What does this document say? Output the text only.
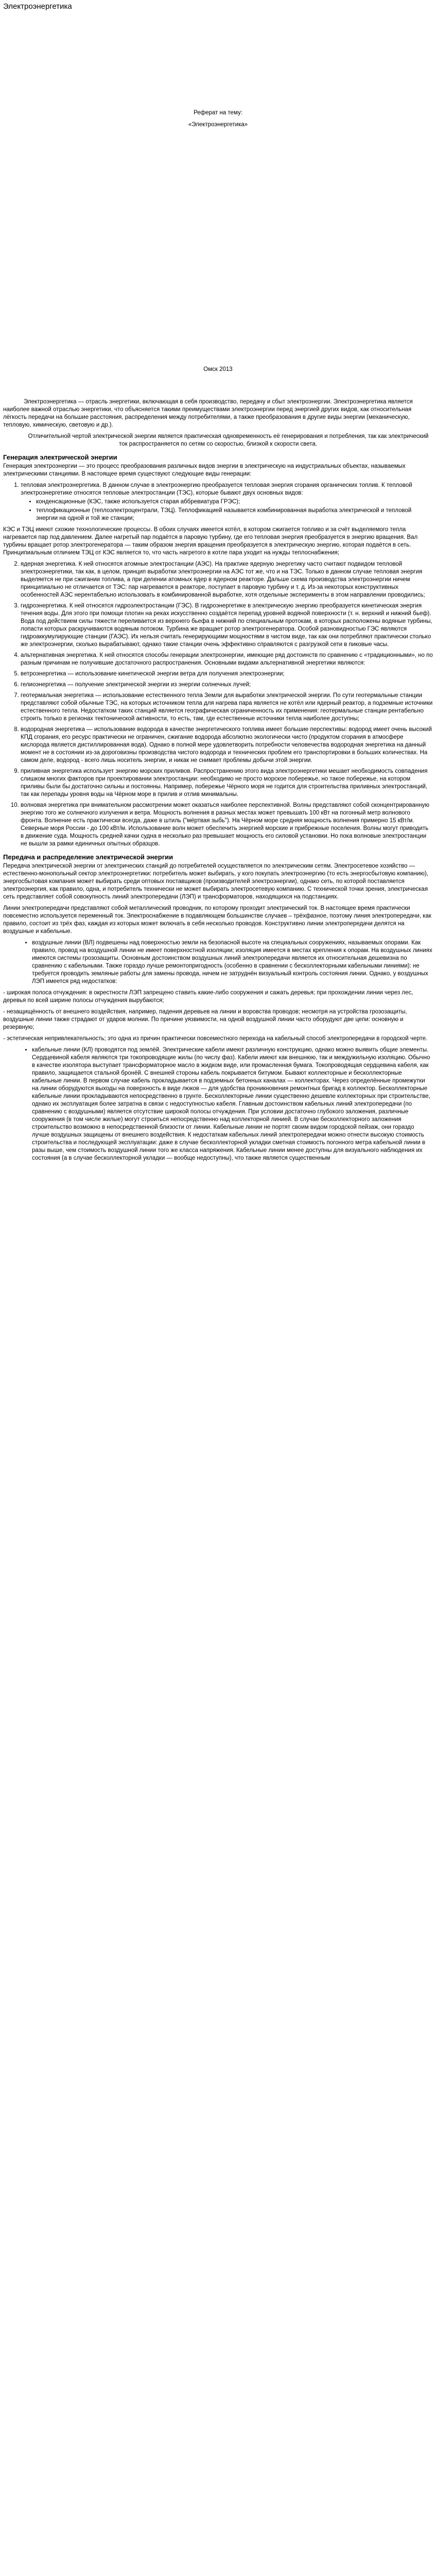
Электроэнергетика

Реферат на тему:

«Электроэнергетика»

Омск 2013

Электроэнергетика — отрасль энергетики, включающая в себя производство, передачу и сбыт электроэнергии. Электроэнергетика является наиболее важной отраслью энергетики, что объясняется такими преимуществами электроэнергии перед энергией других видов, как относительная лёгкость передачи на большие расстояния, распределения между потребителями, а также преобразования в другие виды энергии (механическую, тепловую, химическую, световую и др.).

Отличительной чертой электрической энергии является практическая одновременность её генерирования и потребления, так как электрический ток распространяется по сетям со скоростью, близкой к скорости света.

Генерация электрической энергии

Генерация электроэнергии — это процесс преобразования различных видов энергии в электрическую на индустриальных объектах, называемых электрическими станциями. В настоящее время существуют следующие виды генерации:

1. тепловая электроэнергетика. В данном случае в электроэнергию преобразуется тепловая энергия сгорания органических топлив. К тепловой электроэнергетике относятся тепловые электростанции (ТЭС), которые бывают двух основных видов:
• конденсационные (КЭС, также используется старая аббревиатура ГРЭС);
• теплофикационные (теплоэлектроцентрали, ТЭЦ). Теплофикацией называется комбинированная выработка электрической и тепловой энергии на одной и той же станции;

КЭС и ТЭЦ имеют схожие технологические процессы. В обоих случаях имеется котёл, в котором сжигается топливо и за счёт выделяемого тепла нагревается пар под давлением. Далее нагретый пар подаётся в паровую турбину, где его тепловая энергия преобразуется в энергию вращения. Вал турбины вращает ротор электрогенератора — таким образом энергия вращения преобразуется в электрическую энергию, которая подаётся в сеть. Принципиальным отличием ТЭЦ от КЭС является то, что часть нагретого в котле пара уходит на нужды теплоснабжения;

2. ядерная энергетика. К ней относятся атомные электростанции (АЭС). На практике ядерную энергетику часто считают подвидом тепловой электроэнергетики, так как, в целом, принцип выработки электроэнергии на АЭС тот же, что и на ТЭС. Только в данном случае тепловая энергия выделяется не при сжигании топлива, а при делении атомных ядер в ядерном реакторе. Дальше схема производства электроэнергии ничем принципиально не отличается от ТЭС: пар нагревается в реакторе, поступает в паровую турбину и т. д. Из-за некоторых конструктивных особенностей АЭС нерентабельно использовать в комбинированной выработке, хотя отдельные эксперименты в этом направлении проводились;
3. гидроэнергетика. К ней относятся гидроэлектростанции (ГЭС). В гидроэнергетике в электрическую энергию преобразуется кинетическая энергия течения воды. Для этого при помощи плотин на реках искусственно создаётся перепад уровней водяной поверхности (т. н. верхний и нижний бьеф). Вода под действием силы тяжести переливается из верхнего бьефа в нижний по специальным протокам, в которых расположены водяные турбины, лопасти которых раскручиваются водяным потоком. Турбина же вращает ротор электрогенератора. Особой разновидностью ГЭС являются гидроаккумулирующие станции (ГАЭС). Их нельзя считать генерирующими мощностями в чистом виде, так как они потребляют практически столько же электроэнергии, сколько вырабатывают, однако такие станции очень эффективно справляются с разгрузкой сети в пиковые часы.
4. альтернативная энергетика. К ней относятся способы генерации электроэнергии, имеющие ряд достоинств по сравнению с «традиционными», но по разным причинам не получившие достаточного распространения. Основными видами альтернативной энергетики являются:
5. ветроэнергетика — использование кинетической энергии ветра для получения электроэнергии;
6. гелиоэнергетика — получение электрической энергии из энергии солнечных лучей;
7. геотермальная энергетика — использование естественного тепла Земли для выработки электрической энергии. По сути геотермальные станции представляют собой обычные ТЭС, на которых источником тепла для нагрева пара является не котёл или ядерный реактор, а подземные источники естественного тепла. Недостатком таких станций является географическая ограниченность их применения: геотермальные станции рентабельно строить только в регионах тектонической активности, то есть, там, где естественные источники тепла наиболее доступны;
8. водородная энергетика — использование водорода в качестве энергетического топлива имеет большие перспективы: водород имеет очень высокий КПД сгорания, его ресурс практически не ограничен, сжигание водорода абсолютно экологически чисто (продуктом сгорания в атмосфере кислорода является дистиллированная вода). Однако в полной мере удовлетворить потребности человечества водородная энергетика на данный момент не в состоянии из-за дороговизны производства чистого водорода и технических проблем его транспортировки в больших количествах. На самом деле, водород - всего лишь носитель энергии, и никак не снимает проблемы добычи этой энергии.
9. приливная энергетика использует энергию морских приливов. Распространению этого вида электроэнергетики мешает необходимость совпадения слишком многих факторов при проектировании электростанции: необходимо не просто морское побережье, но такое побережье, на котором приливы были бы достаточно сильны и постоянны. Например, побережье Чёрного моря не годится для строительства приливных электростанций, так как перепады уровня воды на Чёрном море в прилив и отлив минимальны.
10. волновая энергетика при внимательном рассмотрении может оказаться наиболее перспективной. Волны представляют собой сконцентрированную энергию того же солнечного излучения и ветра. Мощность волнения в разных местах может превышать 100 кВт на погонный метр волнового фронта. Волнение есть практически всегда, даже в штиль ("мёртвая зыбь"). На Чёрном море средняя мощность волнения примерно 15 кВт/м. Северные моря России - до 100 кВт/м. Использование волн может обеспечить энергией морские и прибрежные поселения. Волны могут приводить в движение суда. Мощность средней качки судна в несколько раз превышает мощность его силовой установки. Но пока волновые электростанции не вышли за рамки единичных опытных образцов.
Передача и распределение электрической энергии

Передача электрической энергии от электрических станций до потребителей осуществляется по электрическим сетям. Электросетевое хозяйство — естественно-монопольный сектор электроэнергетики: потребитель может выбирать, у кого покупать электроэнергию (то есть энергосбытовую компанию), энергосбытовая компания может выбирать среди оптовых поставщиков (производителей электроэнергии), однако сеть, по которой поставляется электроэнергия, как правило, одна, и потребитель технически не может выбирать электросетевую компанию. С технической точки зрения, электрическая сеть представляет собой совокупность линий электропередачи (ЛЭП) и трансформаторов, находящихся на подстанциях.

Линии электропередачи представляют собой металлический проводник, по которому проходит электрический ток. В настоящее время практически повсеместно используется переменный ток. Электроснабжение в подавляющем большинстве случаев – трёхфазное, поэтому линия электропередачи, как правило, состоит из трёх фаз, каждая из которых может включать в себя несколько проводов. Конструктивно линии электропередачи делятся на воздушные и кабельные.

• воздушные линии (ВЛ) подвешены над поверхностью земли на безопасной высоте на специальных сооружениях, называемых опорами. Как правило, провод на воздушной линии не имеет поверхностной изоляции; изоляция имеется в местах крепления к опорам. На воздушных линиях имеются системы грозозащиты. Основным достоинством воздушных линий электропередачи является их относительная дешевизна по сравнению с кабельными. Также гораздо лучше ремонтопригодность (особенно в сравнении с бесколлекторными кабельными линиями): не требуется проводить земляные работы для замены провода, ничем не затруднён визуальный контроль состояния линии. Однако, у воздушных ЛЭП имеется ряд недостатков:

- широкая полоса отчуждения: в окрестности ЛЭП запрещено ставить какие-либо сооружения и сажать деревья; при прохождении линии через лес, деревья по всей ширине полосы отчуждения вырубаются;

- незащищённость от внешнего воздействия, например, падения деревьев на линии и воровства проводов; несмотря на устройства грозозащиты, воздушные линии также страдают от ударов молнии. По причине уязвимости, на одной воздушной линии часто оборудуют две цепи: основную и резервную;

- эстетическая непривлекательность; это одна из причин практически повсеместного перехода на кабельный способ электропередачи в городской черте.

• кабельные линии (КЛ) проводятся под землёй. Электрические кабели имеют различную конструкцию, однако можно выявить общие элементы. Сердцевиной кабеля являются три токопроводящие жилы (по числу фаз). Кабели имеют как внешнюю, так и междужильную изоляцию. Обычно в качестве изолятора выступает трансформаторное масло в жидком виде, или промасленная бумага. Токопроводящая сердцевина кабеля, как правило, защищается стальной бронёй. С внешней стороны кабель покрывается битумом. Бывают коллекторные и бесколлекторные кабельные линии. В первом случае кабель прокладывается в подземных бетонных каналах — коллекторах. Через определённые промежутки на линии оборудуются выходы на поверхность в виде люков — для удобства проникновения ремонтных бригад в коллектор. Бесколлекторные кабельные линии прокладываются непосредственно в грунте. Бесколлекторные линии существенно дешевле коллекторных при строительстве, однако их эксплуатация более затратна в связи с недоступностью кабеля. Главным достоинством кабельных линий электропередачи (по сравнению с воздушными) является отсутствие широкой полосы отчуждения. При условии достаточно глубокого заложения, различные сооружения (в том числе жилые) могут строиться непосредственно над коллекторной линией. В случае бесколлекторного заложения строительство возможно в непосредственной близости от линии. Кабельные линии не портят своим видом городской пейзаж, они гораздо лучше воздушных защищены от внешнего воздействия. К недостаткам кабельных линий электропередачи можно отнести высокую стоимость строительства и последующей эксплуатации: даже в случае бесколлекторной укладки сметная стоимость погонного метра кабельной линии в разы выше, чем стоимость воздушной линии того же класса напряжения. Кабельные линии менее доступны для визуального наблюдения их состояния (а в случае бесколлекторной укладки — вообще недоступны), что также является существенным
